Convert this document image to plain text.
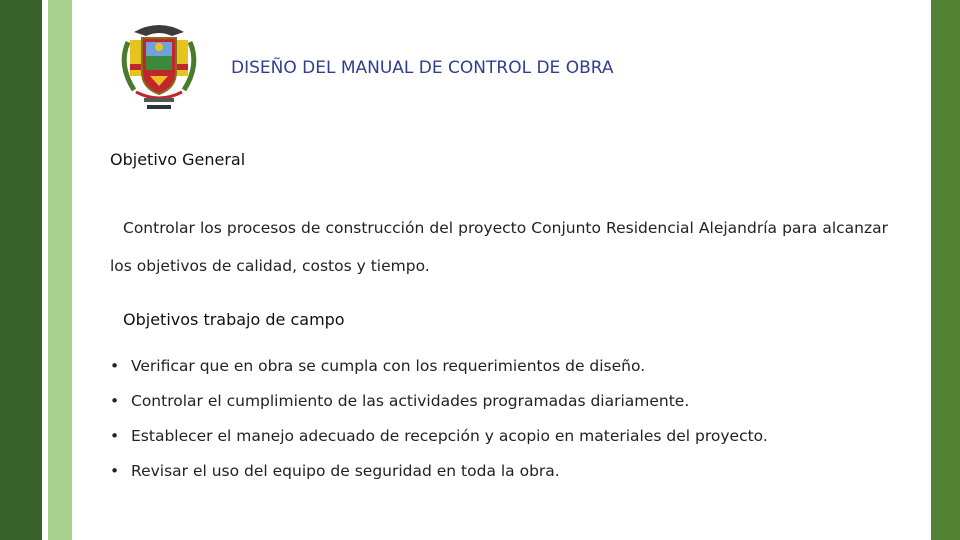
DISEÑO DEL MANUAL DE CONTROL DE OBRA
Objetivo General
Controlar los procesos de construcción del proyecto Conjunto Residencial Alejandría para alcanzar los objetivos de calidad, costos y tiempo.
Objetivos trabajo de campo
• Verificar que en obra se cumpla con los requerimientos de diseño.
• Controlar el cumplimiento de las actividades programadas diariamente.
• Establecer el manejo adecuado de recepción y acopio en materiales del proyecto.
• Revisar el uso del equipo de seguridad en toda la obra.
